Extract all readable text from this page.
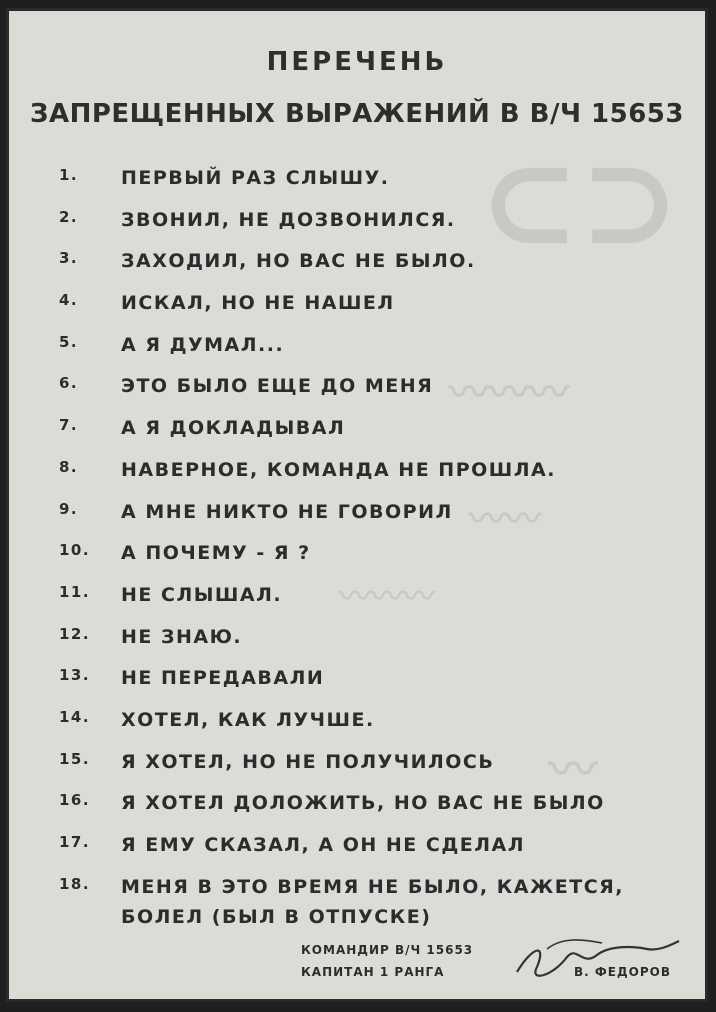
⊂⊃
〰〰〰
〰〰
〰〰〰
〰
ПЕРЕЧЕНЬ
ЗАПРЕЩЕННЫХ ВЫРАЖЕНИЙ В В/Ч 15653
1.	ПЕРВЫЙ РАЗ СЛЫШУ.
2.	ЗВОНИЛ, НЕ ДОЗВОНИЛСЯ.
3.	ЗАХОДИЛ, НО ВАС НЕ БЫЛО.
4.	ИСКАЛ, НО НЕ НАШЕЛ
5.	А Я ДУМАЛ...
6.	ЭТО БЫЛО ЕЩЕ ДО МЕНЯ
7.	А Я ДОКЛАДЫВАЛ
8.	НАВЕРНОЕ, КОМАНДА НЕ ПРОШЛА.
9.	А МНЕ НИКТО НЕ ГОВОРИЛ
10.	А ПОЧЕМУ - Я ?
11.	НЕ СЛЫШАЛ.
12.	НЕ ЗНАЮ.
13.	НЕ ПЕРЕДАВАЛИ
14.	ХОТЕЛ, КАК ЛУЧШЕ.
15.	Я ХОТЕЛ, НО НЕ ПОЛУЧИЛОСЬ
16.	Я ХОТЕЛ ДОЛОЖИТЬ, НО ВАС НЕ БЫЛО
17.	Я ЕМУ СКАЗАЛ, А ОН НЕ СДЕЛАЛ
18.	МЕНЯ В ЭТО ВРЕМЯ НЕ БЫЛО, КАЖЕТСЯ, БОЛЕЛ (БЫЛ В ОТПУСКЕ)
КОМАНДИР В/Ч 15653
КАПИТАН 1 РАНГА	В. ФЕДОРОВ
